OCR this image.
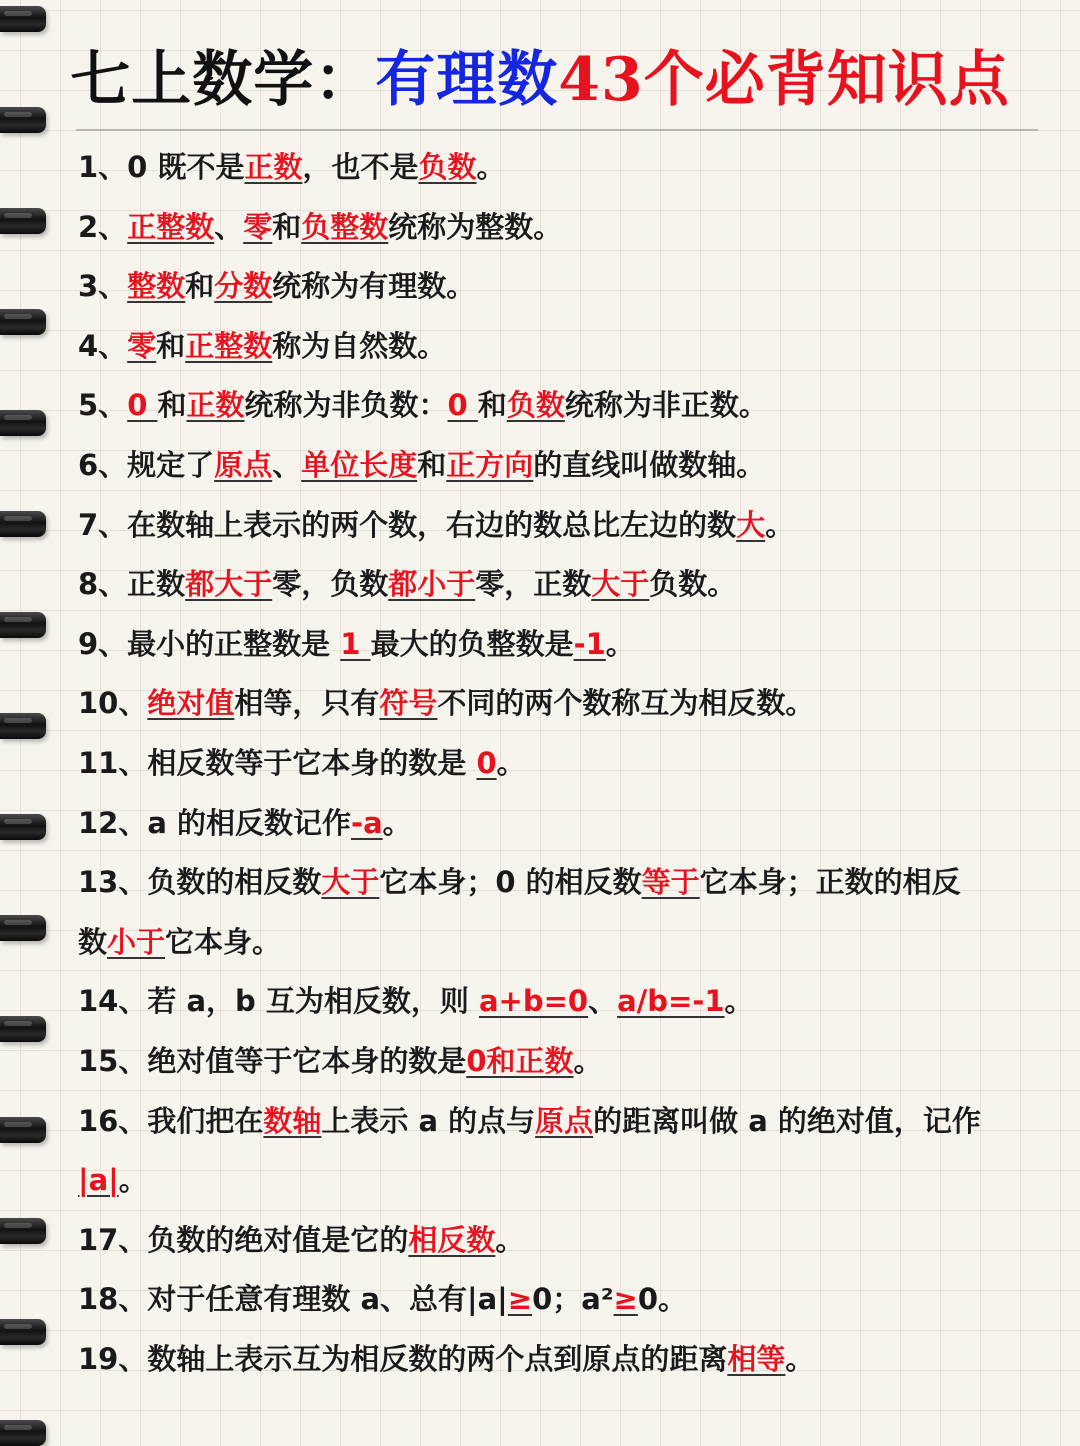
七上数学：有理数43个必背知识点
1、0 既不是正数，也不是负数。
2、正整数、零和负整数统称为整数。
3、整数和分数统称为有理数。
4、零和正整数称为自然数。
5、0 和正数统称为非负数：0 和负数统称为非正数。
6、规定了原点、单位长度和正方向的直线叫做数轴。
7、在数轴上表示的两个数，右边的数总比左边的数大。
8、正数都大于零，负数都小于零，正数大于负数。
9、最小的正整数是 1 最大的负整数是-1。
10、绝对值相等，只有符号不同的两个数称互为相反数。
11、相反数等于它本身的数是 0。
12、a 的相反数记作-a。
13、负数的相反数大于它本身；0 的相反数等于它本身；正数的相反
数小于它本身。
14、若 a，b 互为相反数，则 a+b=0、a/b=-1。
15、绝对值等于它本身的数是0和正数。
16、我们把在数轴上表示 a 的点与原点的距离叫做 a 的绝对值，记作
|a|。
17、负数的绝对值是它的相反数。
18、对于任意有理数 a、总有|a|≥0；a²≥0。
19、数轴上表示互为相反数的两个点到原点的距离相等。
